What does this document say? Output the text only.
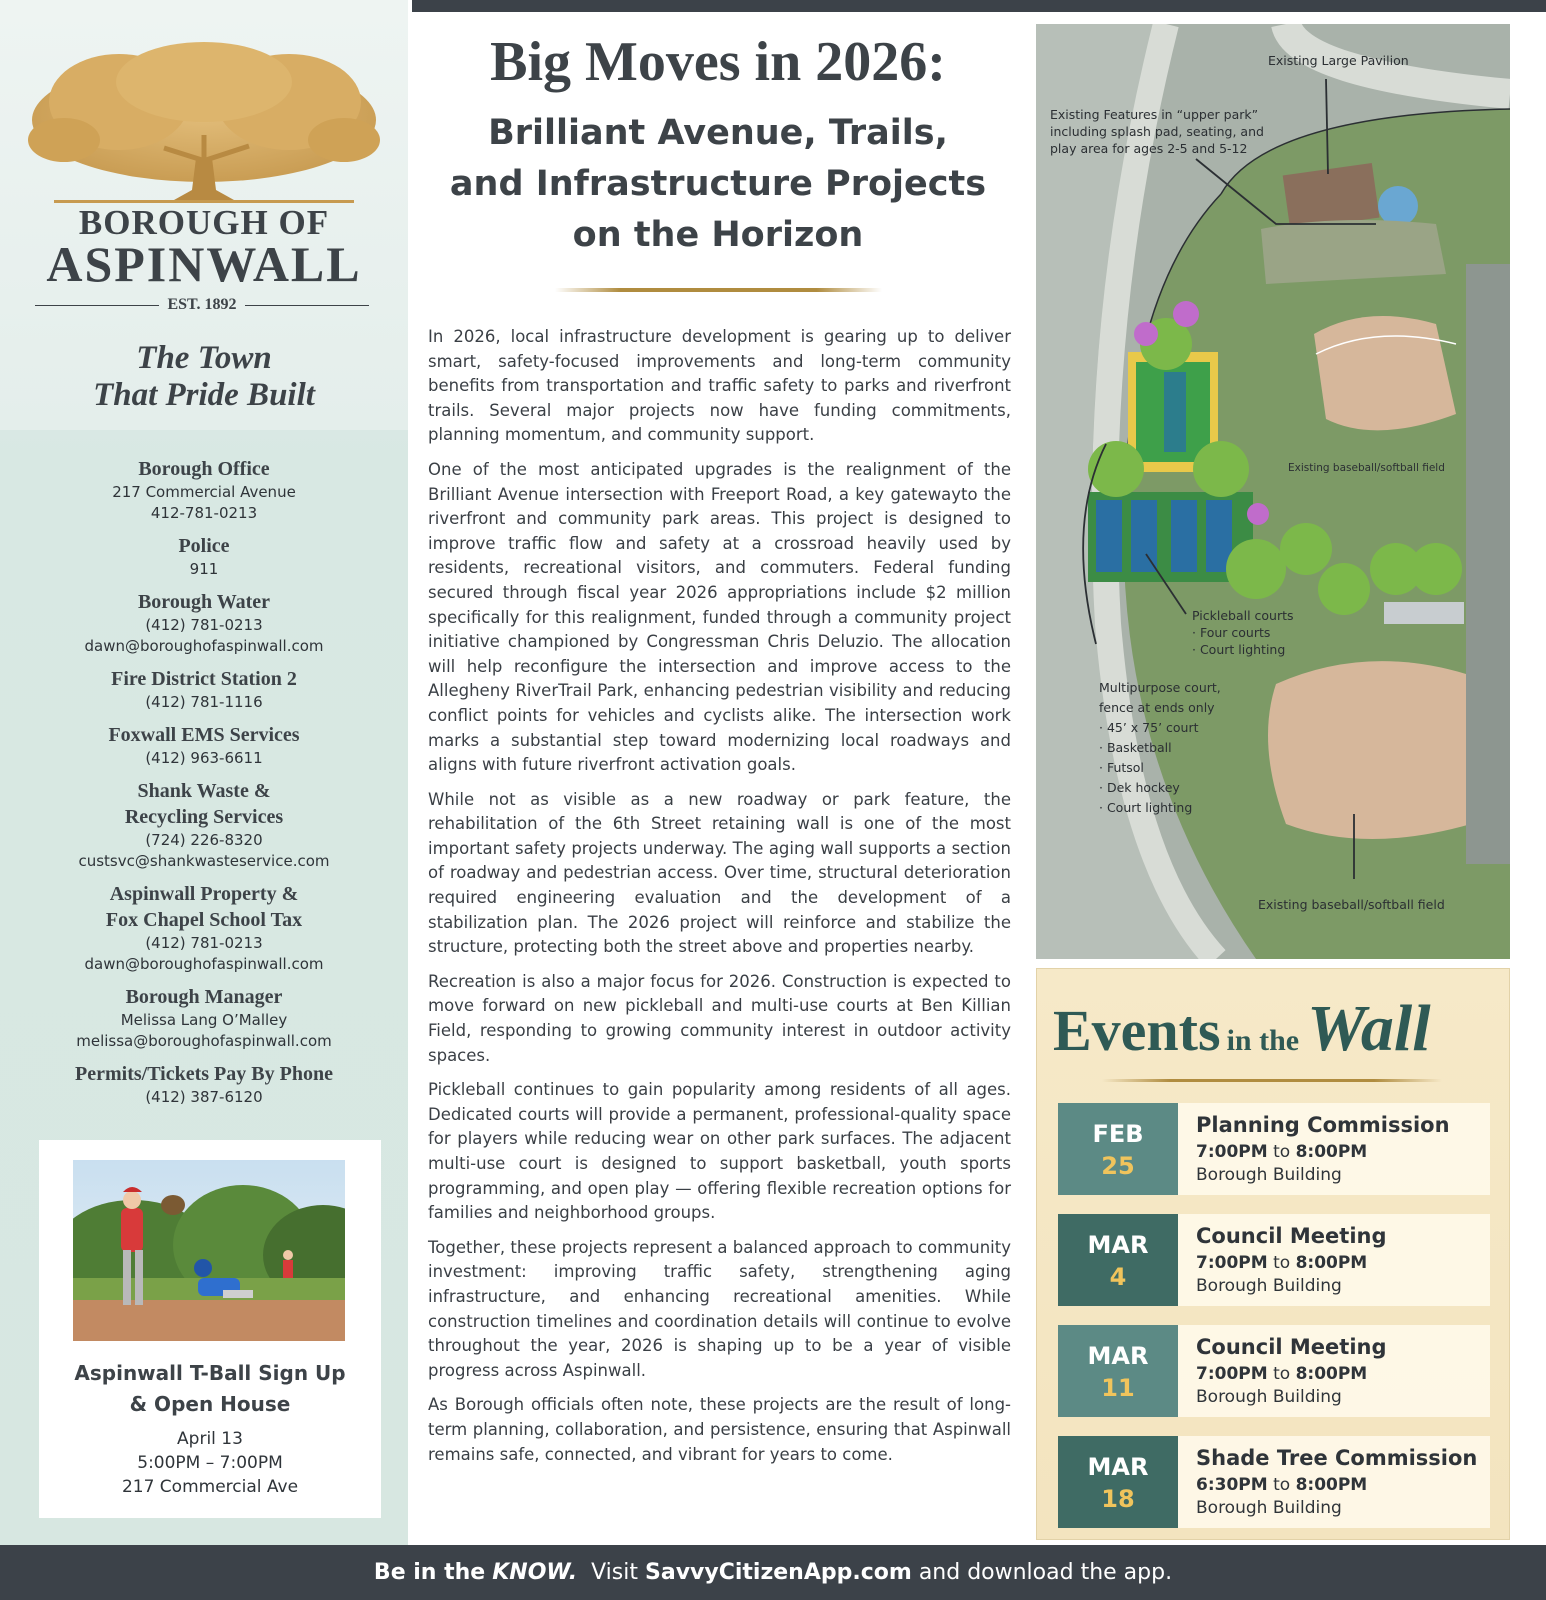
BOROUGH OF
ASPINWALL
EST. 1892
The Town
That Pride Built
Borough Office
217 Commercial Avenue
412-781-0213
Police
911
Borough Water
(412) 781-0213
dawn@boroughofaspinwall.com
Fire District Station 2
(412) 781-1116
Foxwall EMS Services
(412) 963-6611
Shank Waste &
Recycling Services
(724) 226-8320
custsvc@shankwasteservice.com
Aspinwall Property &
Fox Chapel School Tax
(412) 781-0213
dawn@boroughofaspinwall.com
Borough Manager
Melissa Lang O’Malley
melissa@boroughofaspinwall.com
Permits/Tickets Pay By Phone
(412) 387-6120
Aspinwall T-Ball Sign Up
& Open House
April 13
5:00PM – 7:00PM
217 Commercial Ave
Big Moves in 2026:
Brilliant Avenue, Trails,
and Infrastructure Projects
on the Horizon

In 2026, local infrastructure development is gearing up to deliver smart, safety-focused improvements and long-term community benefits from transportation and traffic safety to parks and riverfront trails. Several major projects now have funding commitments, planning momentum, and community support.

One of the most anticipated upgrades is the realignment of the Brilliant Avenue intersection with Freeport Road, a key gatewayto the riverfront and community park areas. This project is designed to improve traffic flow and safety at a crossroad heavily used by residents, recreational visitors, and commuters. Federal funding secured through fiscal year 2026 appropriations include $2 million specifically for this realignment, funded through a community project initiative championed by Congressman Chris Deluzio. The allocation will help reconfigure the intersection and improve access to the Allegheny RiverTrail Park, enhancing pedestrian visibility and reducing conflict points for vehicles and cyclists alike. The intersection work marks a substantial step toward modernizing local roadways and aligns with future riverfront activation goals.

While not as visible as a new roadway or park feature, the rehabilitation of the 6th Street retaining wall is one of the most important safety projects underway. The aging wall supports a section of roadway and pedestrian access. Over time, structural deterioration required engineering evaluation and the development of a stabilization plan. The 2026 project will reinforce and stabilize the structure, protecting both the street above and properties nearby.

Recreation is also a major focus for 2026. Construction is expected to move forward on new pickleball and multi-use courts at Ben Killian Field, responding to growing community interest in outdoor activity spaces.

Pickleball continues to gain popularity among residents of all ages. Dedicated courts will provide a permanent, professional-quality space for players while reducing wear on other park surfaces. The adjacent multi-use court is designed to support basketball, youth sports programming, and open play — offering flexible recreation options for families and neighborhood groups.

Together, these projects represent a balanced approach to community investment: improving traffic safety, strengthening aging infrastructure, and enhancing recreational amenities. While construction timelines and coordination details will continue to evolve throughout the year, 2026 is shaping up to be a year of visible progress across Aspinwall.

As Borough officials often note, these projects are the result of long-term planning, collaboration, and persistence, ensuring that Aspinwall remains safe, connected, and vibrant for years to come.

Existing Large Pavilion
Existing Features in “upper park”
including splash pad, seating, and
play area for ages 2-5 and 5-12
Existing baseball/softball field
Pickleball courts
· Four courts
· Court lighting
Multipurpose court,
fence at ends only
· 45’ x 75’ court
· Basketball
· Futsol
· Dek hockey
· Court lighting
Existing baseball/softball field
Events in the Wall
FEB
25
Planning Commission
7:00PM to 8:00PM
Borough Building
MAR
4
Council Meeting
7:00PM to 8:00PM
Borough Building
MAR
11
Council Meeting
7:00PM to 8:00PM
Borough Building
MAR
18
Shade Tree Commission
6:30PM to 8:00PM
Borough Building
Be in the KNOW. Visit SavvyCitizenApp.com and download the app.
